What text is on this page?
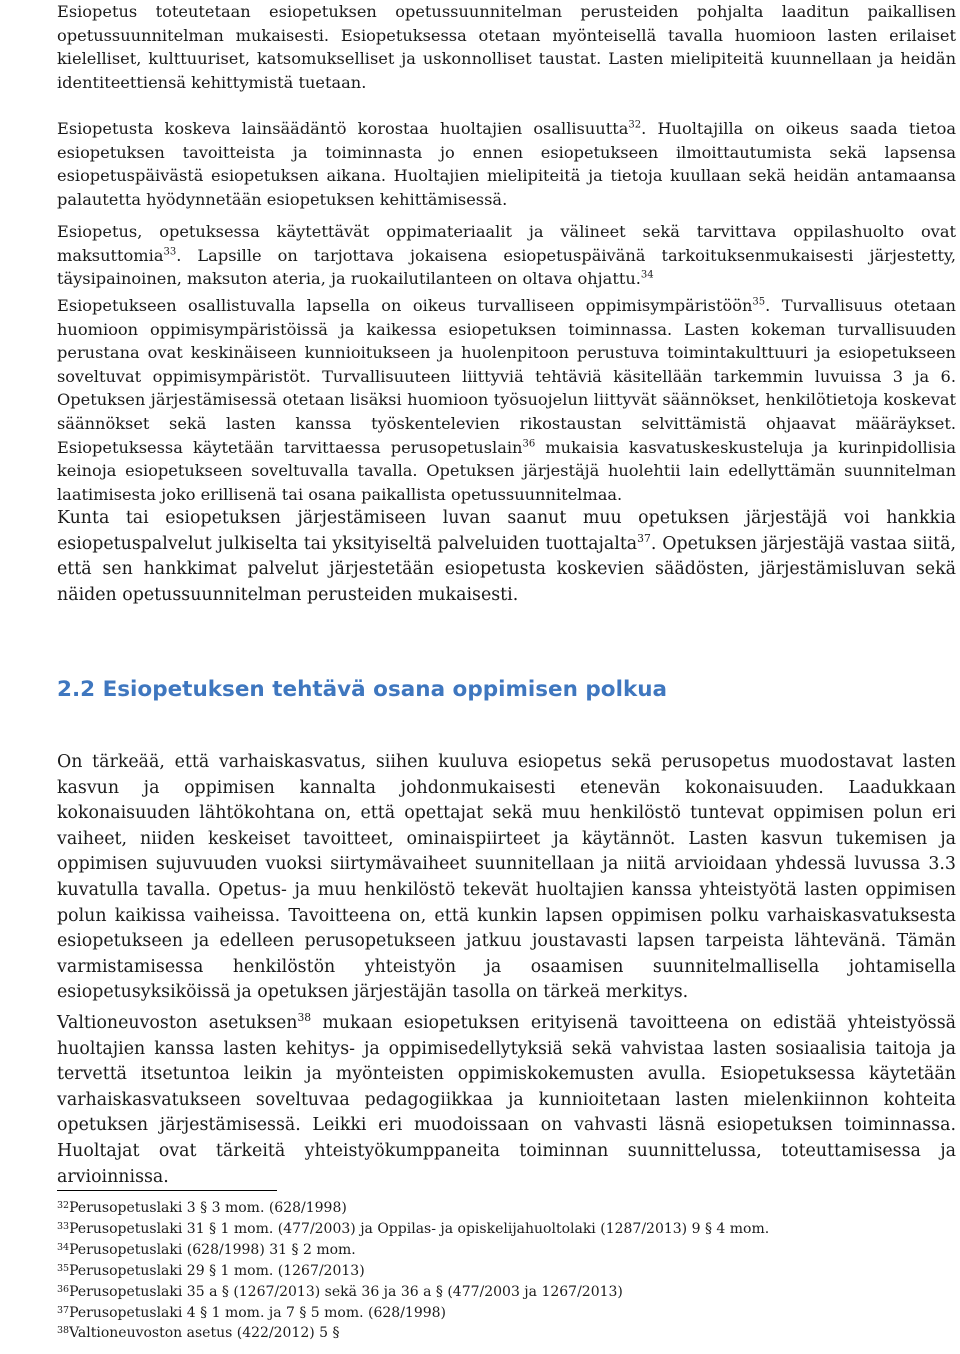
Esiopetus toteutetaan esiopetuksen opetussuunnitelman perusteiden pohjalta laaditun paikallisen opetussuunnitelman mukaisesti. Esiopetuksessa otetaan myönteisellä tavalla huomioon lasten erilaiset kielelliset, kulttuuriset, katsomukselliset ja uskonnolliset taustat. Lasten mielipiteitä kuunnellaan ja heidän identiteettiensä kehittymistä tuetaan.

Esiopetusta koskeva lainsäädäntö korostaa huoltajien osallisuutta$^{32}$. Huoltajilla on oikeus saada tietoa esiopetuksen tavoitteista ja toiminnasta jo ennen esiopetukseen ilmoittautumista sekä lapsensa esiopetuspäivästä esiopetuksen aikana. Huoltajien mielipiteitä ja tietoja kuullaan sekä heidän antamaansa palautetta hyödynnetään esiopetuksen kehittämisessä.

Esiopetus, opetuksessa käytettävät oppimateriaalit ja välineet sekä tarvittava oppilashuolto ovat maksuttomia$^{33}$. Lapsille on tarjottava jokaisena esiopetuspäivänä tarkoituksenmukaisesti järjestetty, täysipainoinen, maksuton ateria, ja ruokailutilanteen on oltava ohjattu.$^{34}$

Esiopetukseen osallistuvalla lapsella on oikeus turvalliseen oppimisympäristöön$^{35}$. Turvallisuus otetaan huomioon oppimisympäristöissä ja kaikessa esiopetuksen toiminnassa. Lasten kokeman turvallisuuden perustana ovat keskinäiseen kunnioitukseen ja huolenpitoon perustuva toimintakulttuuri ja esiopetukseen soveltuvat oppimisympäristöt. Turvallisuuteen liittyviä tehtäviä käsitellään tarkemmin luvuissa 3 ja 6. Opetuksen järjestämisessä otetaan lisäksi huomioon työsuojelun liittyvät säännökset, henkilötietoja koskevat säännökset sekä lasten kanssa työskentelevien rikostaustan selvittämistä ohjaavat määräykset. Esiopetuksessa käytetään tarvittaessa perusopetuslain$^{36}$ mukaisia kasvatuskeskusteluja ja kurinpidollisia keinoja esiopetukseen soveltuvalla tavalla. Opetuksen järjestäjä huolehtii lain edellyttämän suunnitelman laatimisesta joko erillisenä tai osana paikallista opetussuunnitelmaa.

Kunta tai esiopetuksen järjestämiseen luvan saanut muu opetuksen järjestäjä voi hankkia esiopetuspalvelut julkiselta tai yksityiseltä palveluiden tuottajalta$^{37}$. Opetuksen järjestäjä vastaa siitä, että sen hankkimat palvelut järjestetään esiopetusta koskevien säädösten, järjestämisluvan sekä näiden opetussuunnitelman perusteiden mukaisesti.

2.2 Esiopetuksen tehtävä osana oppimisen polkua

On tärkeää, että varhaiskasvatus, siihen kuuluva esiopetus sekä perusopetus muodostavat lasten kasvun ja oppimisen kannalta johdonmukaisesti etenevän kokonaisuuden. Laadukkaan kokonaisuuden lähtökohtana on, että opettajat sekä muu henkilöstö tuntevat oppimisen polun eri vaiheet, niiden keskeiset tavoitteet, ominaispiirteet ja käytännöt. Lasten kasvun tukemisen ja oppimisen sujuvuuden vuoksi siirtymävaiheet suunnitellaan ja niitä arvioidaan yhdessä luvussa 3.3 kuvatulla tavalla. Opetus- ja muu henkilöstö tekevät huoltajien kanssa yhteistyötä lasten oppimisen polun kaikissa vaiheissa. Tavoitteena on, että kunkin lapsen oppimisen polku varhaiskasvatuksesta esiopetukseen ja edelleen perusopetukseen jatkuu joustavasti lapsen tarpeista lähtevänä. Tämän varmistamisessa henkilöstön yhteistyön ja osaamisen suunnitelmallisella johtamisella esiopetusyksiköissä ja opetuksen järjestäjän tasolla on tärkeä merkitys.

Valtioneuvoston asetuksen$^{38}$ mukaan esiopetuksen erityisenä tavoitteena on edistää yhteistyössä huoltajien kanssa lasten kehitys- ja oppimisedellytyksiä sekä vahvistaa lasten sosiaalisia taitoja ja tervettä itsetuntoa leikin ja myönteisten oppimiskokemusten avulla. Esiopetuksessa käytetään varhaiskasvatukseen soveltuvaa pedagogiikkaa ja kunnioitetaan lasten mielenkiinnon kohteita opetuksen järjestämisessä. Leikki eri muodoissaan on vahvasti läsnä esiopetuksen toiminnassa. Huoltajat ovat tärkeitä yhteistyökumppaneita toiminnan suunnittelussa, toteuttamisessa ja arvioinnissa.

$^{32}$Perusopetuslaki 3 § 3 mom. (628/1998)
$^{33}$Perusopetuslaki 31 § 1 mom. (477/2003) ja Oppilas- ja opiskelijahuoltolaki (1287/2013) 9 § 4 mom.
$^{34}$Perusopetuslaki (628/1998) 31 § 2 mom.
$^{35}$Perusopetuslaki 29 § 1 mom. (1267/2013)
$^{36}$Perusopetuslaki 35 a § (1267/2013) sekä 36 ja 36 a § (477/2003 ja 1267/2013)
$^{37}$Perusopetuslaki 4 § 1 mom. ja 7 § 5 mom. (628/1998)
$^{38}$Valtioneuvoston asetus (422/2012) 5 §
